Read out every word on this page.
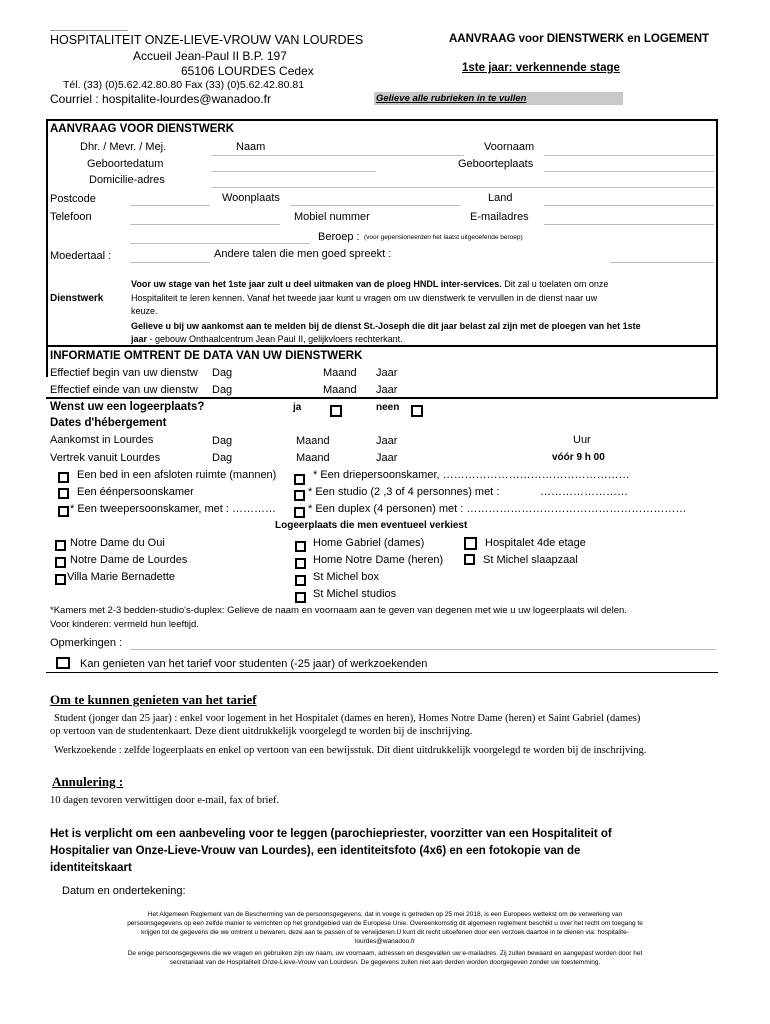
HOSPITALITEIT ONZE-LIEVE-VROUW VAN LOURDES
Accueil Jean-Paul II B.P. 197
65106 LOURDES Cedex
Tél. (33) (0)5.62.42.80.80 Fax (33) (0)5.62.42.80.81
Courriel : hospitalite-lourdes@wanadoo.fr
AANVRAAG voor DIENSTWERK en LOGEMENT
1ste jaar: verkennende stage
Gelieve alle rubrieken in te vullen
AANVRAAG VOOR DIENSTWERK
Dhr. / Mevr. / Mej.	Naam	Voornaam
Geboortedatum	Geboorteplaats
Domicilie-adres
Postcode	Woonplaats	Land
Telefoon	Mobiel nummer	E-mailadres
Beroep : (voor gepensioneerden het laatst uitgeoefende beroep)
Moedertaal :	Andere talen die men goed spreekt :
Dienstwerk
Voor uw stage van het 1ste jaar zult u deel uitmaken van de ploeg HNDL inter-services. Dit zal u toelaten om onze
Hospitaliteit te leren kennen. Vanaf het tweede jaar kunt u vragen om uw dienstwerk te vervullen in de dienst naar uw
keuze.
Gelieve u bij uw aankomst aan te melden bij de dienst St.-Joseph die dit jaar belast zal zijn met de ploegen van het 1ste
jaar - gebouw Onthaalcentrum Jean Paul II, gelijkvloers rechterkant.
INFORMATIE OMTRENT DE DATA VAN UW DIENSTWERK
Effectief begin van uw dienstw Dag	Maand Jaar
Effectief einde van uw dienstw Dag	Maand Jaar
Wenst uw een logeerplaats?	ja	neen
Dates d'hébergement
Aankomst in Lourdes	Dag	Maand	Jaar	Uur
Vertrek vanuit Lourdes	Dag	Maand	Jaar	vóór 9 h 00
Een bed in een afsloten ruimte (mannen)	* Een driepersoonskamer, ……………………………………………
Een éénpersoonskamer	* Een studio (2 ,3 of 4 personnes) met :	……………………
* Een tweepersoonskamer, met : …………	* Een duplex (4 personen) met : ……………………………………………………
Logeerplaats die men eventueel verkiest
Notre Dame du Oui
Notre Dame de Lourdes
Villa Marie Bernadette
Home Gabriel (dames)
Home Notre Dame (heren)
St Michel box
St Michel studios
Hospitalet 4de etage
St Michel slaapzaal
*Kamers met 2-3 bedden-studio's-duplex: Gelieve de naam en voornaam aan te geven van degenen met wie u uw logeerplaats wil delen.
Voor kinderen: vermeld hun leeftijd.
Opmerkingen :
Kan genieten van het tarief voor studenten (-25 jaar) of werkzoekenden
Om te kunnen genieten van het tarief
Student (jonger dan 25 jaar) : enkel voor logement in het Hospitalet (dames en heren), Homes Notre Dame (heren) et Saint Gabriel (dames)
op vertoon van de studentenkaart. Deze dient uitdrukkelijk voorgelegd te worden bij de inschrijving.
Werkzoekende : zelfde logeerplaats en enkel op vertoon van een bewijsstuk. Dit dient uitdrukkelijk voorgelegd te worden bij de inschrijving.
Annulering :
10 dagen tevoren verwittigen door e-mail, fax of brief.
Het is verplicht om een aanbeveling voor te leggen (parochiepriester, voorzitter van een Hospitaliteit of
Hospitalier van Onze-Lieve-Vrouw van Lourdes), een identiteitsfoto (4x6) en een fotokopie van de
identiteitskaart
Datum en ondertekening:
Het Algemeen Reglement van de Bescherming van de persoonsgegevens, dat in voege is getreden op 25 mei 2018, is een Europees wettekst om de verwerking van
persoonsgegevens op een zelfde manier te verrichten op het grondgebied van de Europese Unie. Overeenkomstig dit algemeen reglement beschikt u over het recht om toegang te
krijgen tot de gegevens die we omtrent u bewaren, deze aan te passen of te verwijderen.U kunt dit recht uitoefenen door een verzoek daartoe in te dienen via: hospitalite-
lourdes@wanadoo.fr
De enige persoonsgegevens die we vragen en gebruiken zijn uw naam, uw voornaam, adressen en desgevallen uw e-mailadres. Zij zullen bewaard en aangepast worden door het
secretariaat van de Hospitaliteit Onze-Lieve-Vrouw van Lourdesn. De gegevens zullen niet aan derden worden doorgegeven zonder uw toestemming.
